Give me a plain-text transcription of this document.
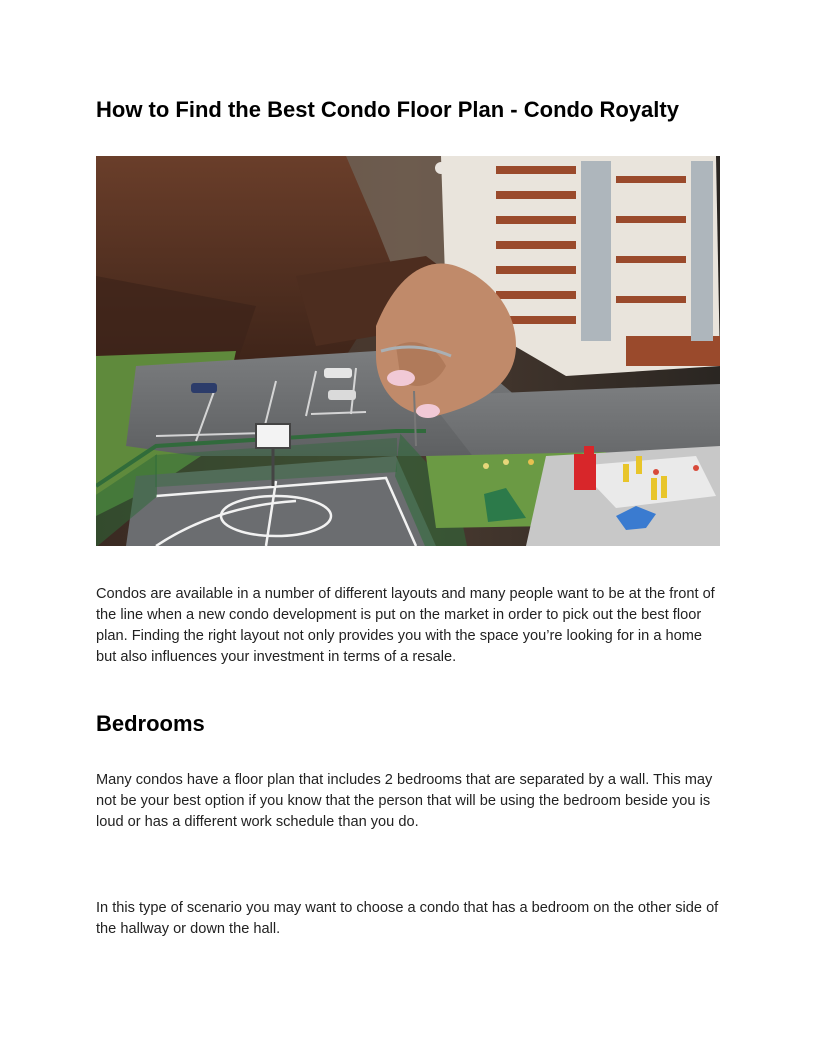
How to Find the Best Condo Floor Plan - Condo Royalty

Condos are available in a number of different layouts and many people want to be at the front of the line when a new condo development is put on the market in order to pick out the best floor plan. Finding the right layout not only provides you with the space you’re looking for in a home but also influences your investment in terms of a resale.

Bedrooms

Many condos have a floor plan that includes 2 bedrooms that are separated by a wall. This may not be your best option if you know that the person that will be using the bedroom beside you is loud or has a different work schedule than you do.

In this type of scenario you may want to choose a condo that has a bedroom on the other side of the hallway or down the hall.
